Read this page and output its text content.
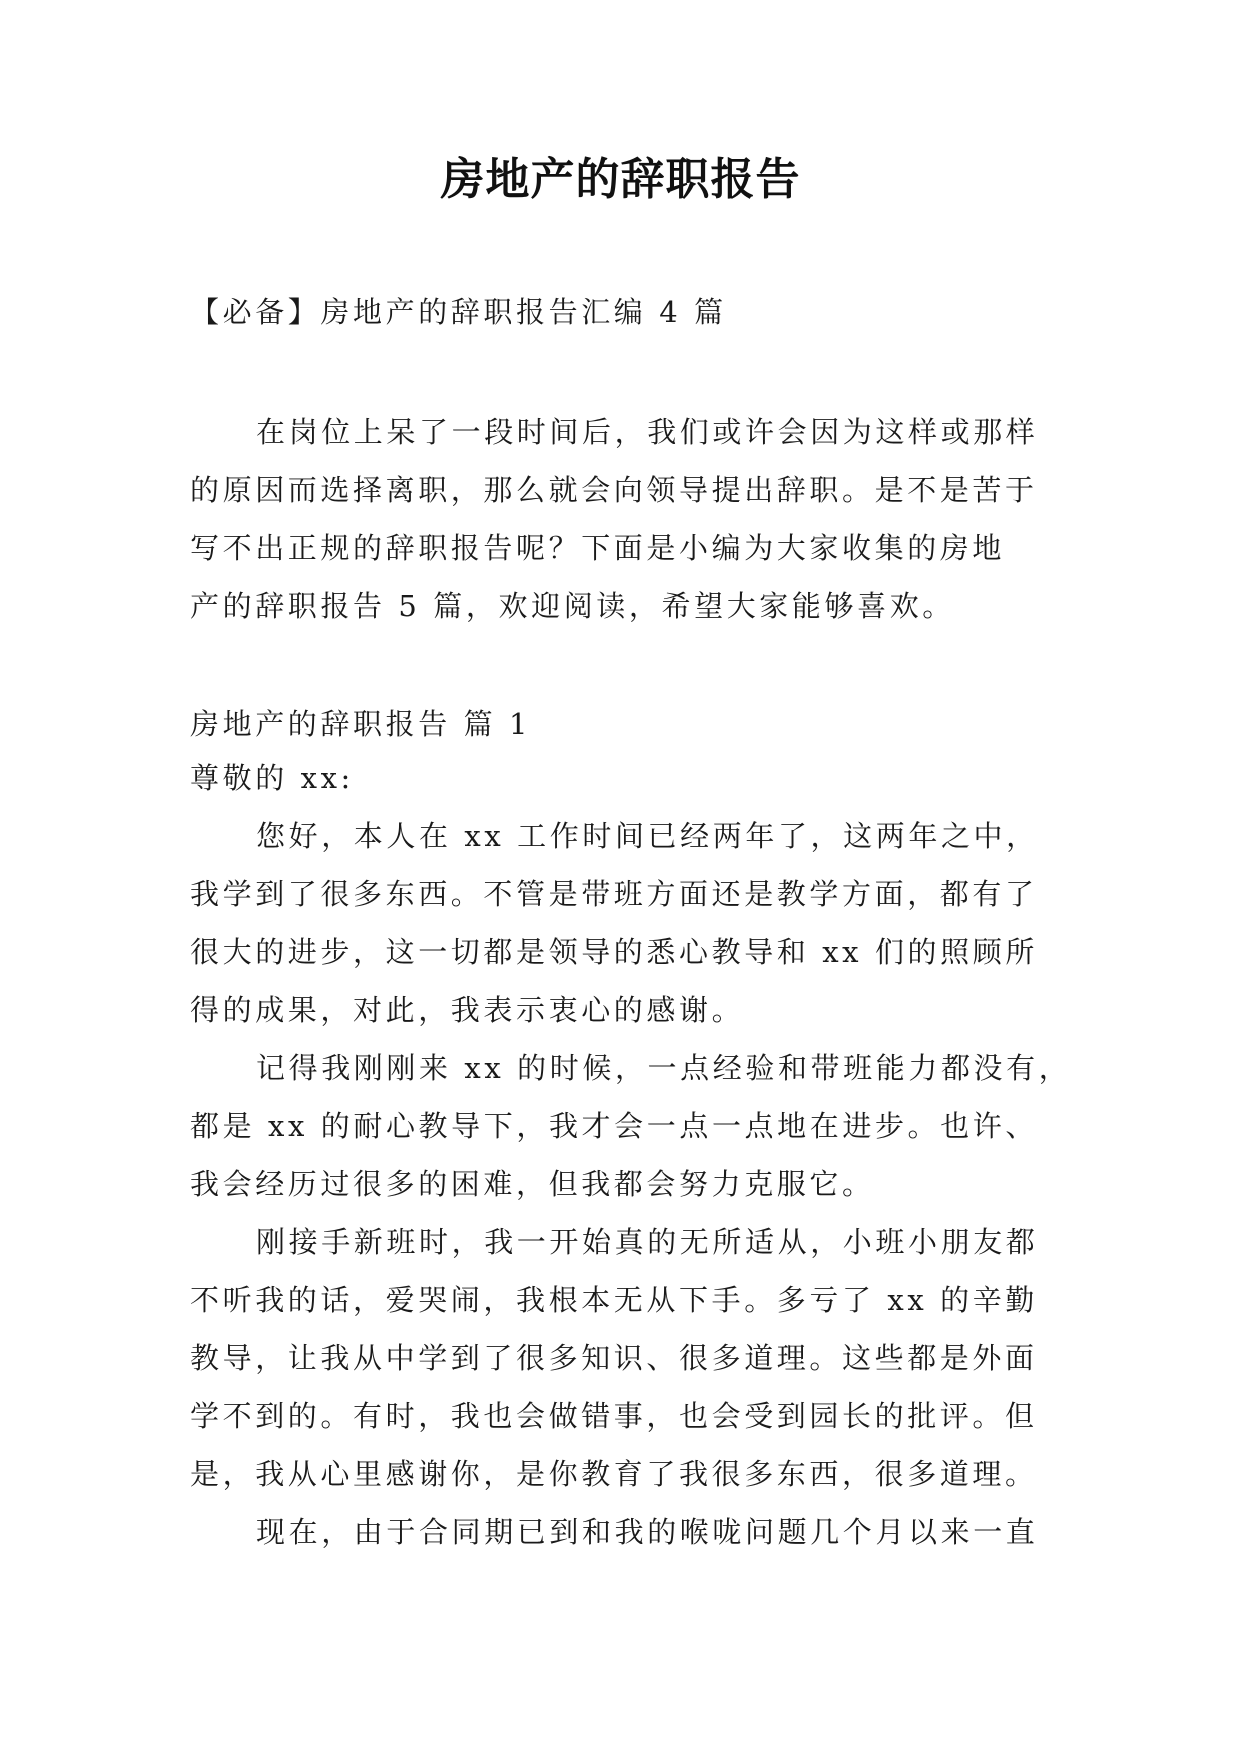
房地产的辞职报告
【必备】房地产的辞职报告汇编 4 篇
在岗位上呆了一段时间后，我们或许会因为这样或那样
的原因而选择离职，那么就会向领导提出辞职。是不是苦于
写不出正规的辞职报告呢？下面是小编为大家收集的房地
产的辞职报告 5 篇，欢迎阅读，希望大家能够喜欢。
房地产的辞职报告 篇 1
尊敬的 xx:
您好，本人在 xx 工作时间已经两年了，这两年之中，
我学到了很多东西。不管是带班方面还是教学方面，都有了
很大的进步，这一切都是领导的悉心教导和 xx 们的照顾所
得的成果，对此，我表示衷心的感谢。
记得我刚刚来 xx 的时候，一点经验和带班能力都没有，
都是 xx 的耐心教导下，我才会一点一点地在进步。也许、
我会经历过很多的困难，但我都会努力克服它。
刚接手新班时，我一开始真的无所适从，小班小朋友都
不听我的话，爱哭闹，我根本无从下手。多亏了 xx 的辛勤
教导，让我从中学到了很多知识、很多道理。这些都是外面
学不到的。有时，我也会做错事，也会受到园长的批评。但
是，我从心里感谢你，是你教育了我很多东西，很多道理。
现在，由于合同期已到和我的喉咙问题几个月以来一直
